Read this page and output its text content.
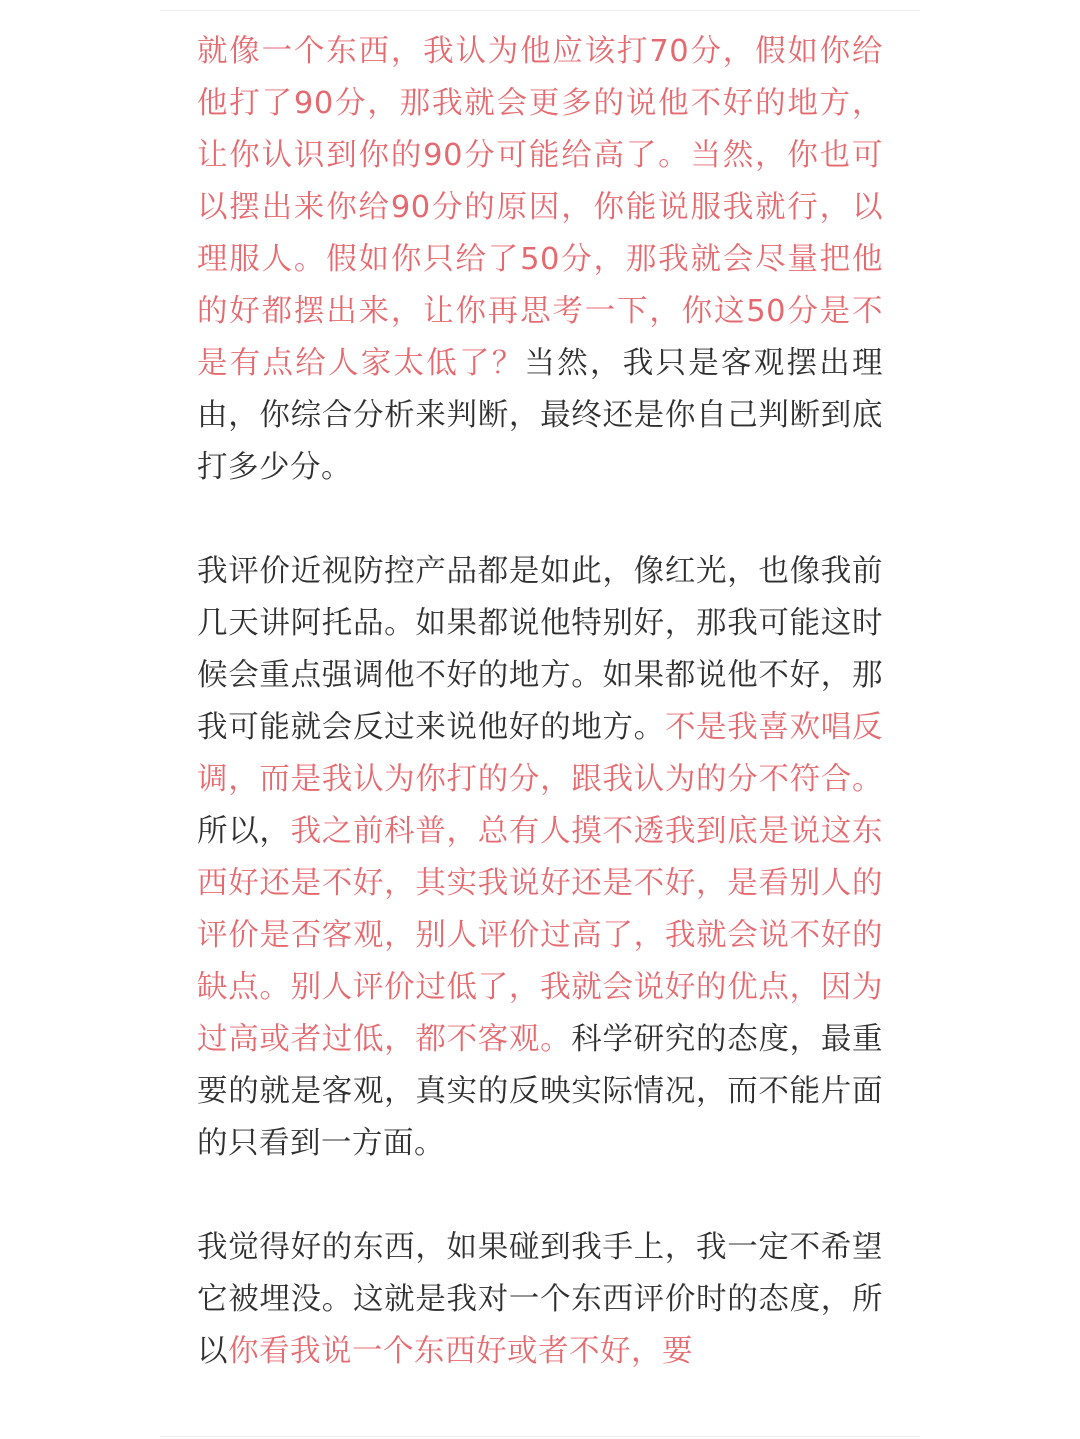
就像一个东西，我认为他应该打70分，假如你给他打了90分，那我就会更多的说他不好的地方，让你认识到你的90分可能给高了。当然，你也可以摆出来你给90分的原因，你能说服我就行，以理服人。假如你只给了50分，那我就会尽量把他的好都摆出来，让你再思考一下，你这50分是不是有点给人家太低了？当然，我只是客观摆出理由，你综合分析来判断，最终还是你自己判断到底打多少分。

我评价近视防控产品都是如此，像红光，也像我前几天讲阿托品。如果都说他特别好，那我可能这时候会重点强调他不好的地方。如果都说他不好，那我可能就会反过来说他好的地方。不是我喜欢唱反调，而是我认为你打的分，跟我认为的分不符合。所以，我之前科普，总有人摸不透我到底是说这东西好还是不好，其实我说好还是不好，是看别人的评价是否客观，别人评价过高了，我就会说不好的缺点。别人评价过低了，我就会说好的优点，因为过高或者过低，都不客观。科学研究的态度，最重要的就是客观，真实的反映实际情况，而不能片面的只看到一方面。

我觉得好的东西，如果碰到我手上，我一定不希望它被埋没。这就是我对一个东西评价时的态度，所以你看我说一个东西好或者不好，要
